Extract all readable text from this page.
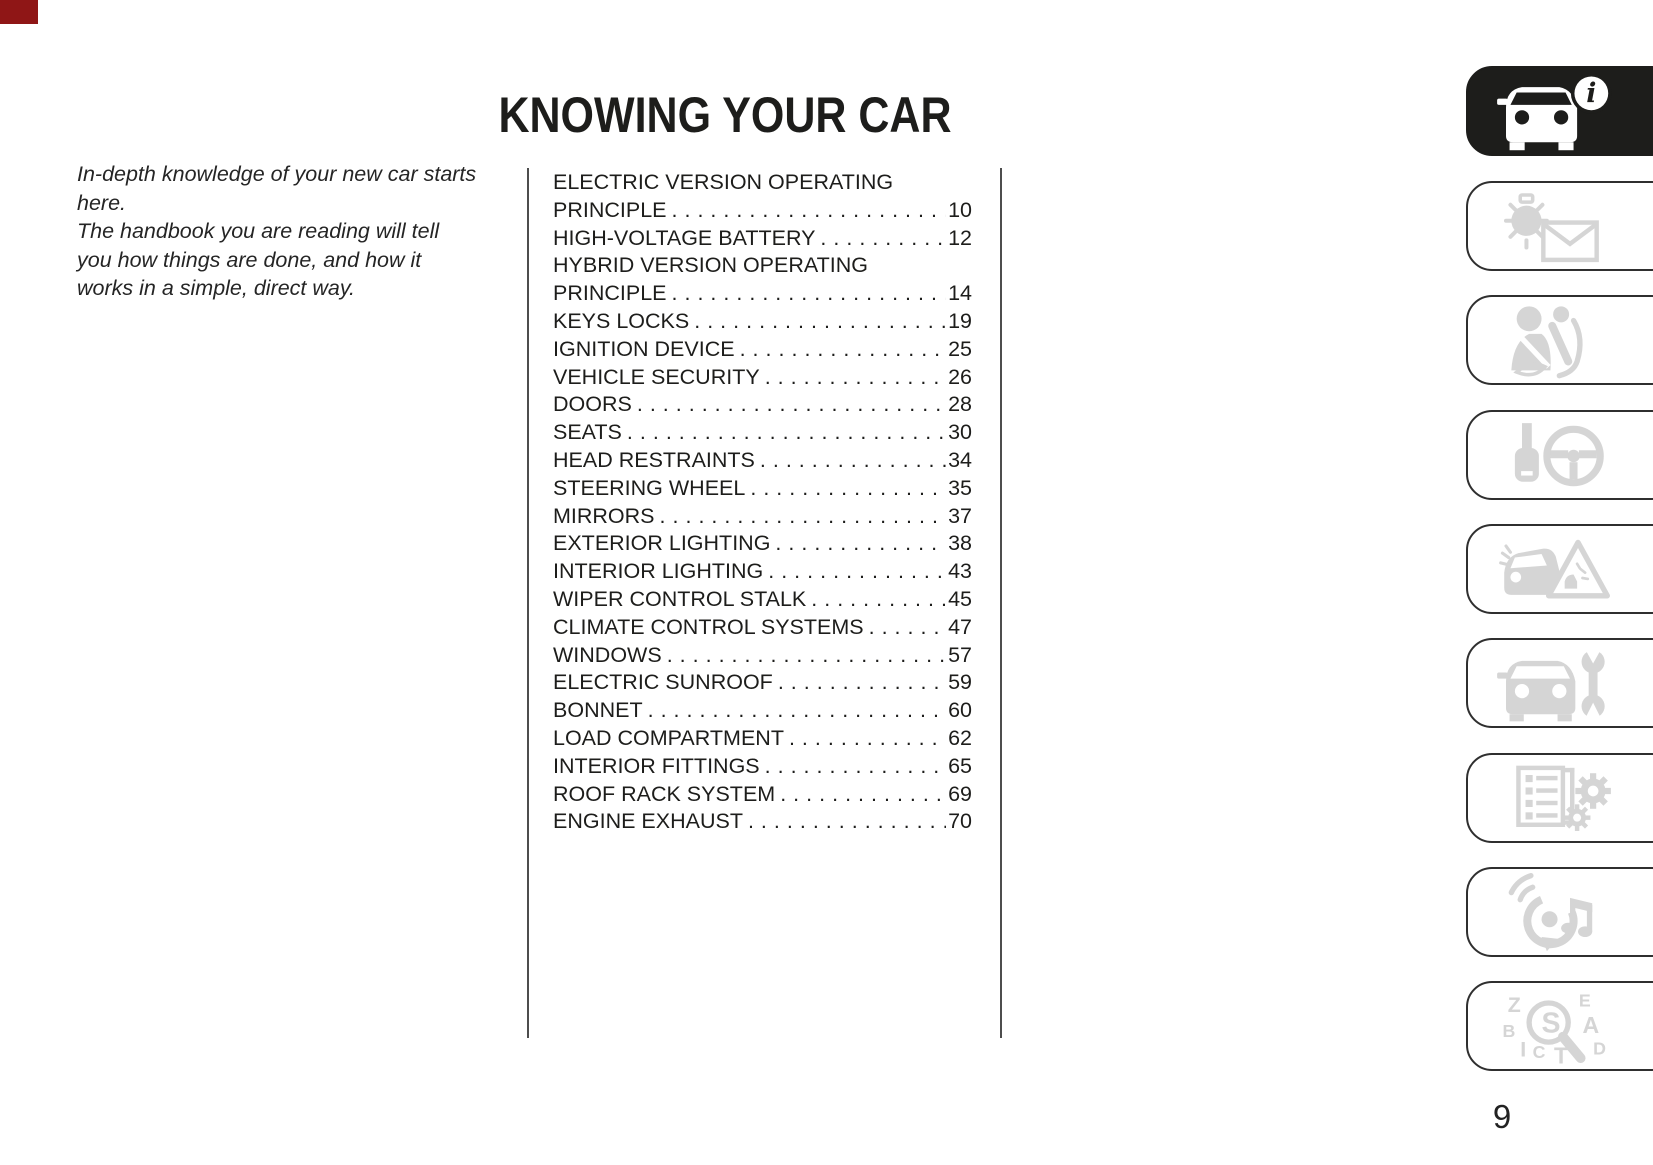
KNOWING YOUR CAR

In-depth knowledge of your new car starts here.

The handbook you are reading will tell you how things are done, and how it works in a simple, direct way.

ELECTRIC VERSION OPERATING
PRINCIPLE .....	10
HIGH-VOLTAGE BATTERY .....	12
HYBRID VERSION OPERATING
PRINCIPLE .....	14
KEYS LOCKS .....	19
IGNITION DEVICE .....	25
VEHICLE SECURITY .....	26
DOORS .....	28
SEATS .....	30
HEAD RESTRAINTS .....	34
STEERING WHEEL .....	35
MIRRORS .....	37
EXTERIOR LIGHTING .....	38
INTERIOR LIGHTING .....	43
WIPER CONTROL STALK .....	45
CLIMATE CONTROL SYSTEMS .....	47
WINDOWS .....	57
ELECTRIC SUNROOF .....	59
BONNET .....	60
LOAD COMPARTMENT .....	62
INTERIOR FITTINGS .....	65
ROOF RACK SYSTEM .....	69
ENGINE EXHAUST .....	70
i
Z	E
B	A
I C T D
S
9
